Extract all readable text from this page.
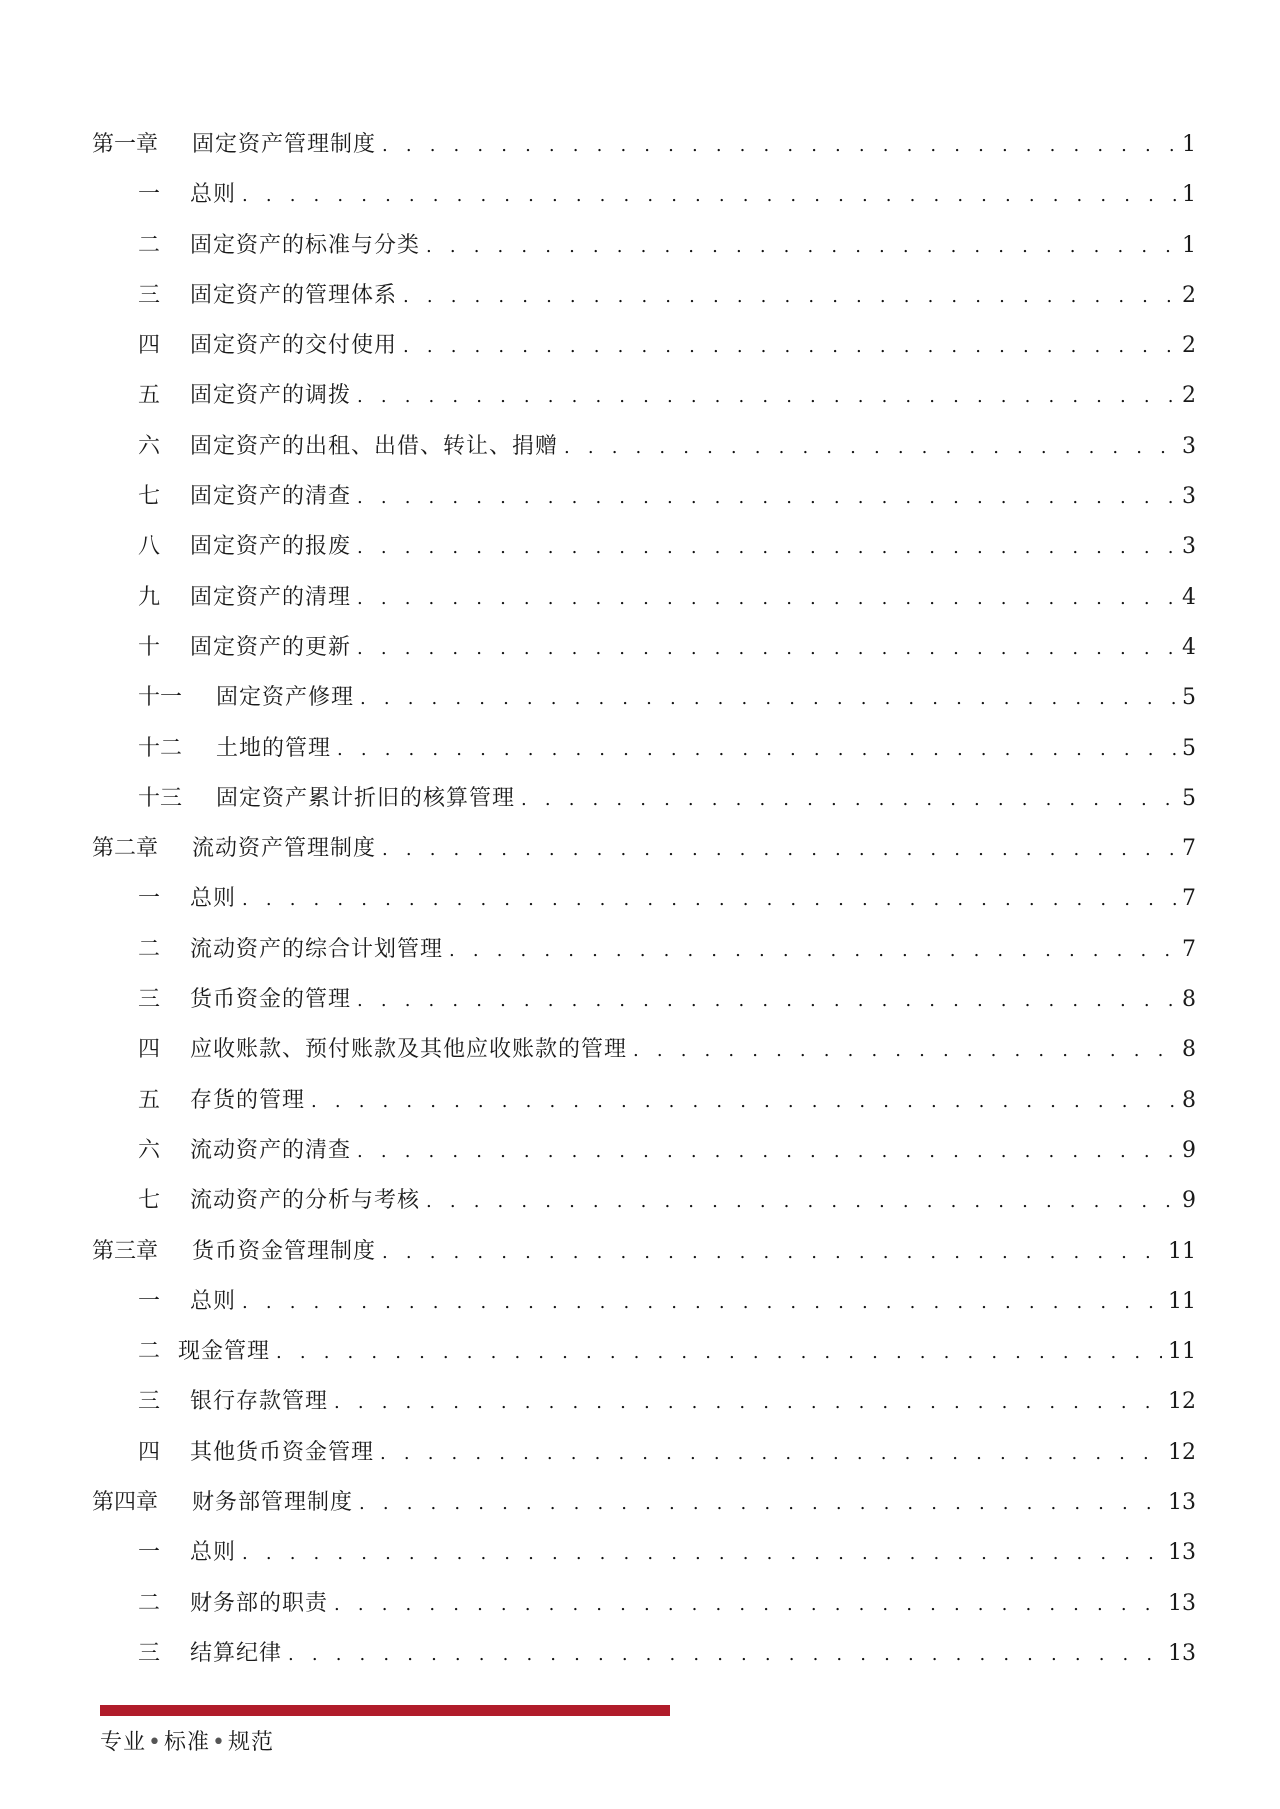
第一章	固定资产管理制度 . . .	1
一	总则 . . .	1
二	固定资产的标准与分类 . . .	1
三	固定资产的管理体系 . . .	2
四	固定资产的交付使用 . . .	2
五	固定资产的调拨 . . .	2
六	固定资产的出租、出借、转让、捐赠 . . .	3
七	固定资产的清查 . . .	3
八	固定资产的报废 . . .	3
九	固定资产的清理 . . .	4
十	固定资产的更新 . . .	4
十一	固定资产修理 . . .	5
十二	土地的管理 . . .	5
十三	固定资产累计折旧的核算管理 . . .	5
第二章	流动资产管理制度 . . .	7
一	总则 . . .	7
二	流动资产的综合计划管理 . . .	7
三	货币资金的管理 . . .	8
四	应收账款、预付账款及其他应收账款的管理 . . .	8
五	存货的管理 . . .	8
六	流动资产的清查 . . .	9
七	流动资产的分析与考核 . . .	9
第三章	货币资金管理制度 . . .	11
一	总则 . . .	11
二 现金管理 . . .	11
三	银行存款管理 . . .	12
四	其他货币资金管理 . . .	12
第四章	财务部管理制度 . . .	13
一	总则 . . .	13
二	财务部的职责 . . .	13
三	结算纪律 . . .	13
专业•标准•规范
